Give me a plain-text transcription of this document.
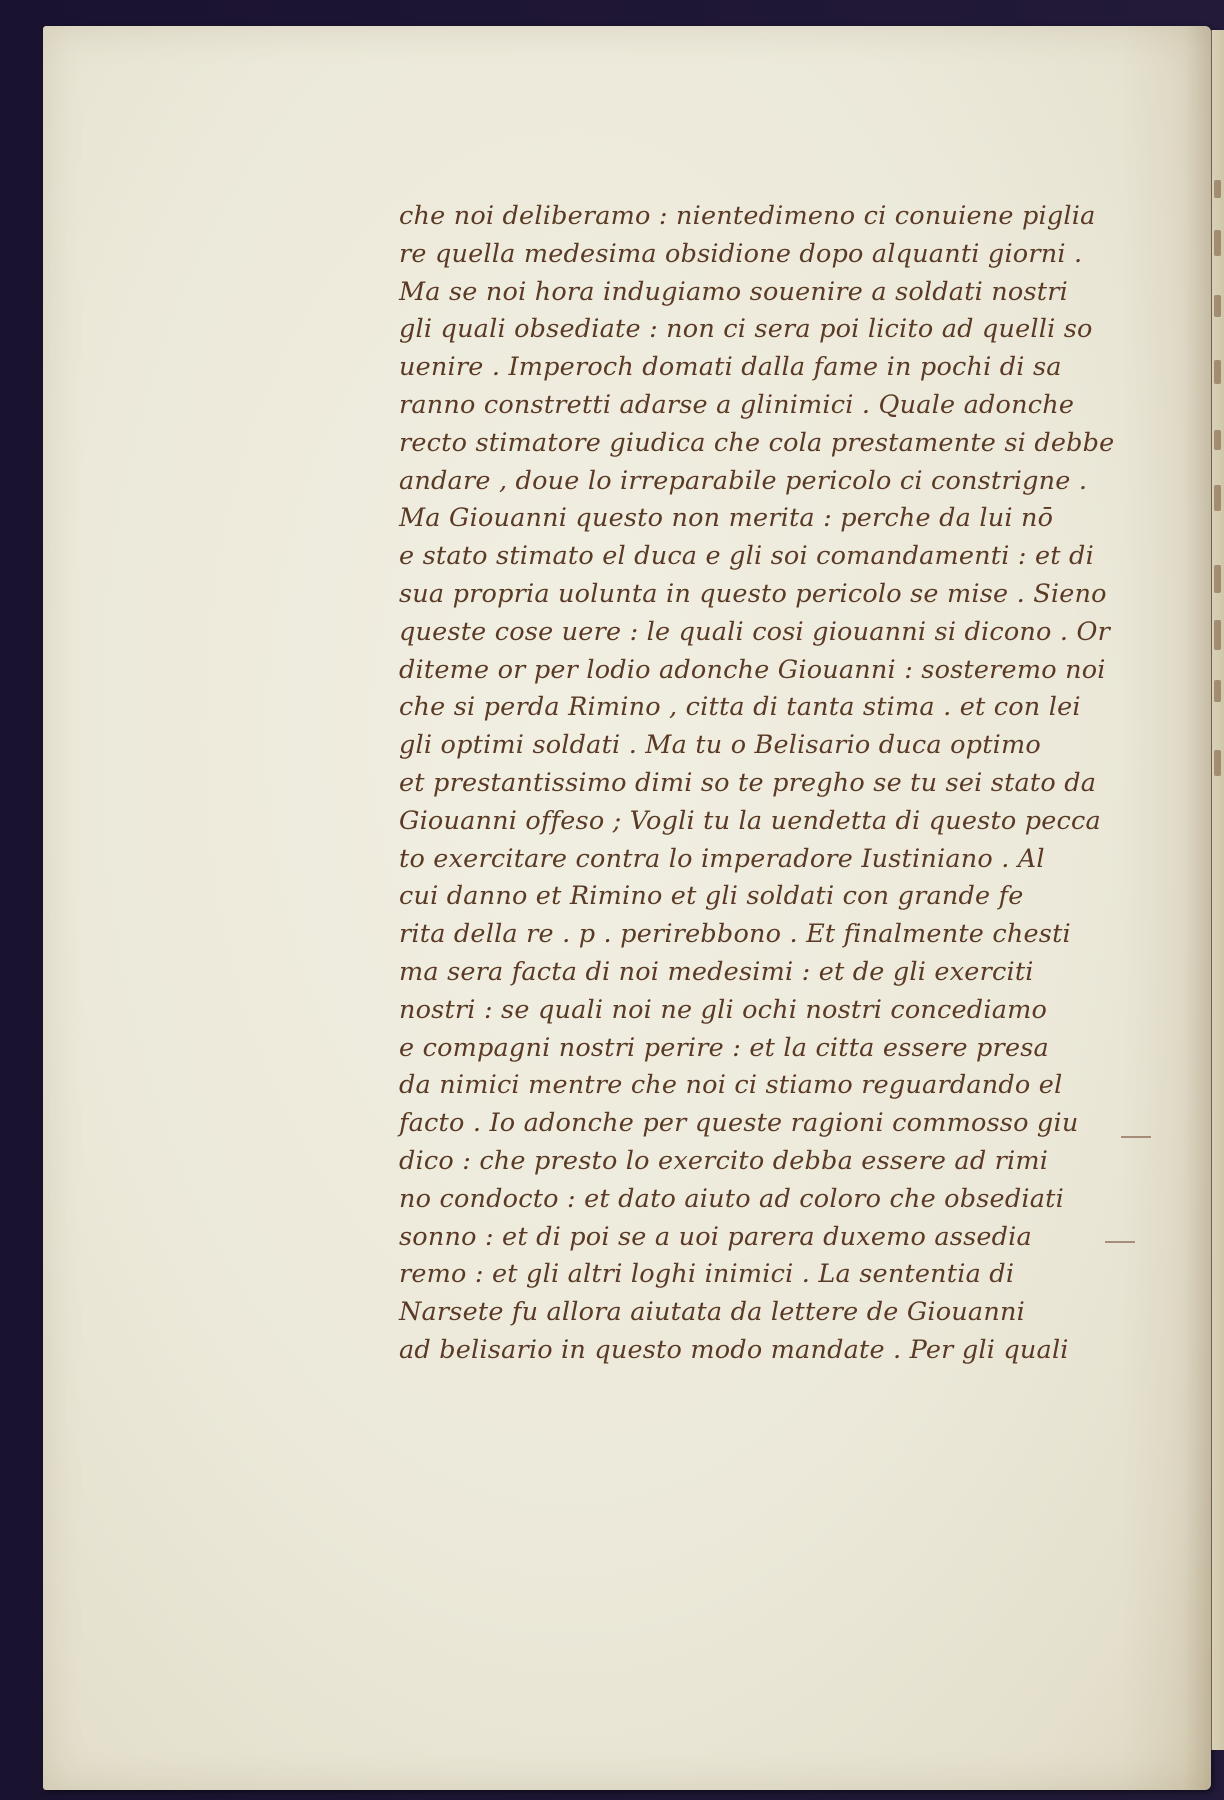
che noi deliberamo : nientedimeno ci conuiene piglia
re quella medesima obsidione dopo alquanti giorni .
Ma se noi hora indugiamo souenire a soldati nostri
gli quali obsediate : non ci sera poi licito ad quelli so
uenire . Imperoch domati dalla fame in pochi di sa
ranno constretti adarse a glinimici . Quale adonche
recto stimatore giudica che cola prestamente si debbe
andare , doue lo irreparabile pericolo ci constrigne .
Ma Giouanni questo non merita : perche da lui nō
e stato stimato el duca e gli soi comandamenti : et di
sua propria uolunta in questo pericolo se mise . Sieno
queste cose uere : le quali cosi giouanni si dicono . Or
diteme or per lodio adonche Giouanni : sosteremo noi
che si perda Rimino , citta di tanta stima . et con lei
gli optimi soldati . Ma tu o Belisario duca optimo
et prestantissimo dimi so te pregho se tu sei stato da
Giouanni offeso ; Vogli tu la uendetta di questo pecca
to exercitare contra lo imperadore Iustiniano . Al
cui danno et Rimino et gli soldati con grande fe
rita della re . p . perirebbono . Et finalmente chesti
ma sera facta di noi medesimi : et de gli exerciti
nostri : se quali noi ne gli ochi nostri concediamo
e compagni nostri perire : et la citta essere presa
da nimici mentre che noi ci stiamo reguardando el
facto . Io adonche per queste ragioni commosso giu
dico : che presto lo exercito debba essere ad rimi
no condocto : et dato aiuto ad coloro che obsediati
sonno : et di poi se a uoi parera duxemo assedia
remo : et gli altri loghi inimici . La sententia di
Narsete fu allora aiutata da lettere de Giouanni
ad belisario in questo modo mandate . Per gli quali
